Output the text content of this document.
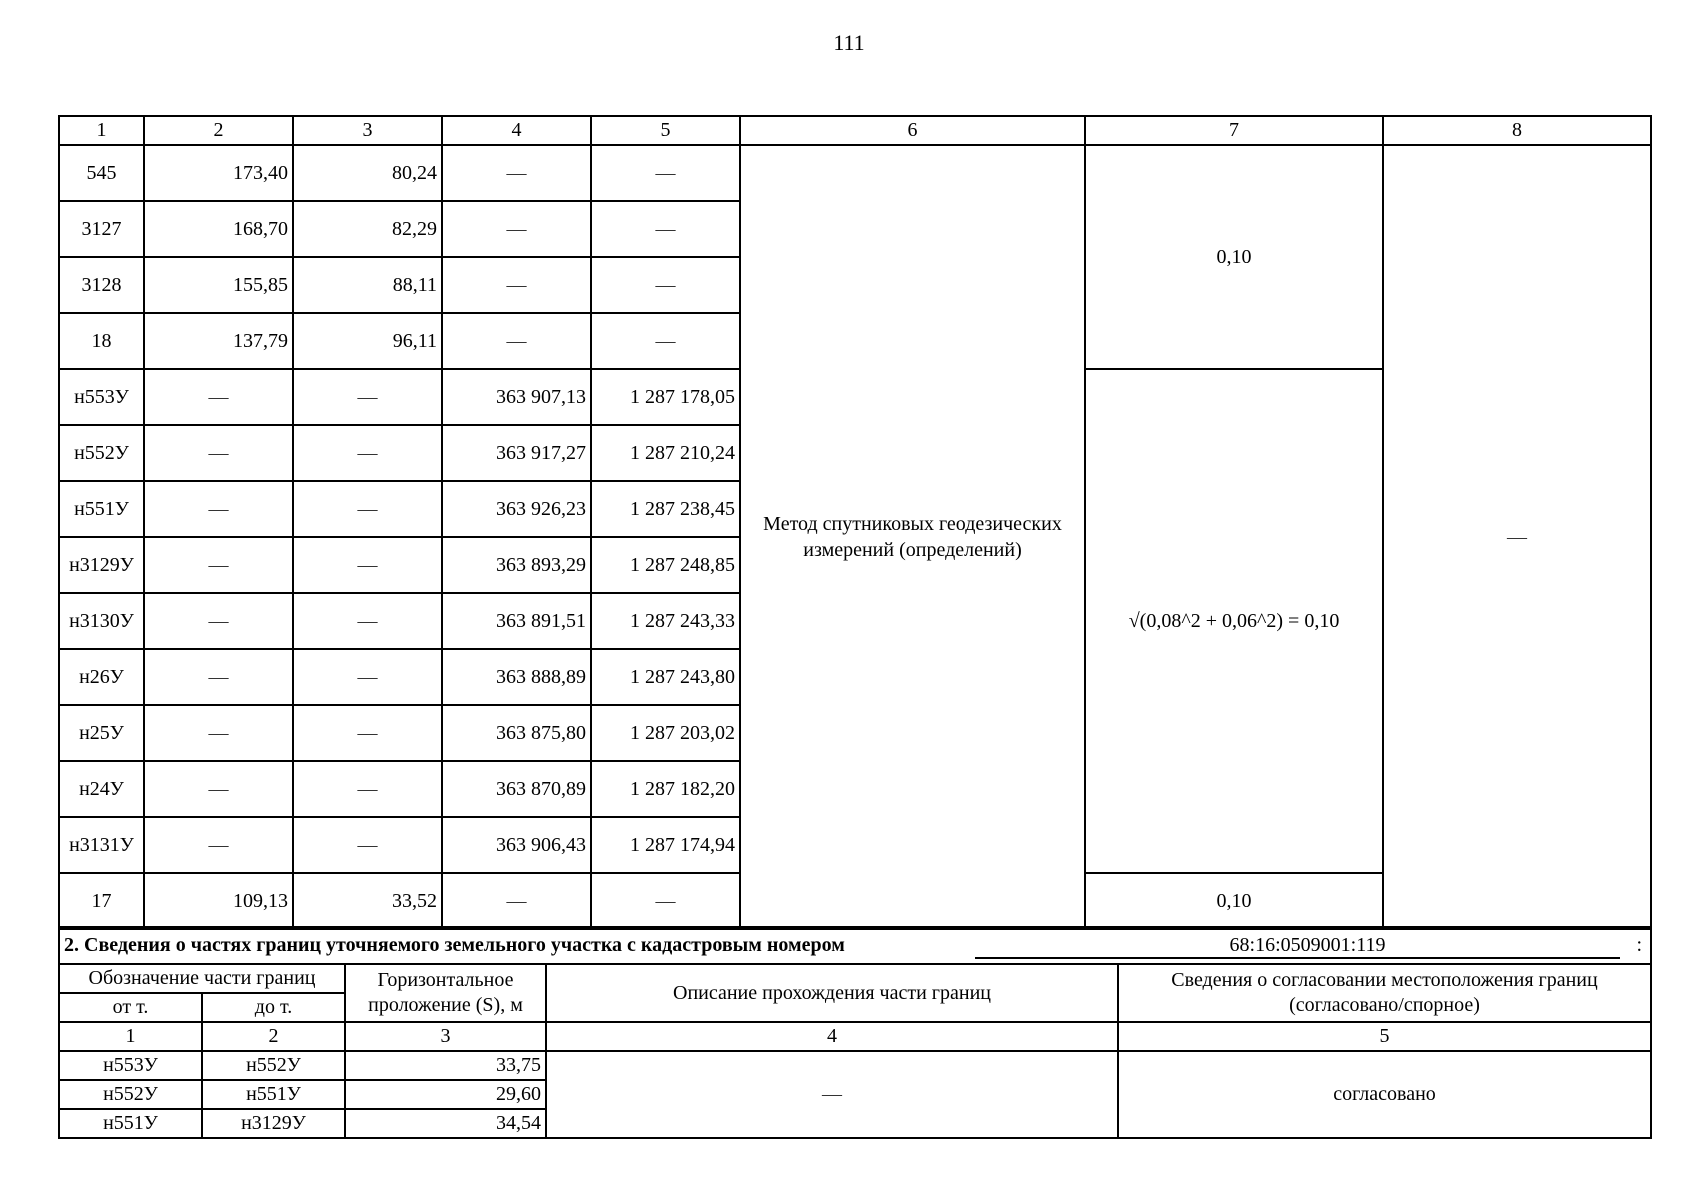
111
1	2	3	4	5	6	7	8
545	173,40	80,24	—	—	Метод спутниковых геодезических измерений (определений)	0,10	—
3127	168,70	82,29	—	—			
3128	155,85	88,11	—	—			
18	137,79	96,11	—	—			
н553У	—	—	363 907,13	1 287 178,05		√(0,08^2 + 0,06^2) = 0,10	
н552У	—	—	363 917,27	1 287 210,24			
н551У	—	—	363 926,23	1 287 238,45			
н3129У	—	—	363 893,29	1 287 248,85			
н3130У	—	—	363 891,51	1 287 243,33			
н26У	—	—	363 888,89	1 287 243,80			
н25У	—	—	363 875,80	1 287 203,02			
н24У	—	—	363 870,89	1 287 182,20			
н3131У	—	—	363 906,43	1 287 174,94			
17	109,13	33,52	—	—		0,10	
2. Сведения о частях границ уточняемого земельного участка с кадастровым номером	68:16:0509001:119	:
Обозначение части границ		Горизонтальное проложение (S), м	Описание прохождения части границ	Сведения о согласовании местоположения границ (согласовано/спорное)
от т.	до т.			
1	2	3	4	5
н553У	н552У	33,75	—	согласовано
н552У	н551У	29,60		
н551У	н3129У	34,54		
